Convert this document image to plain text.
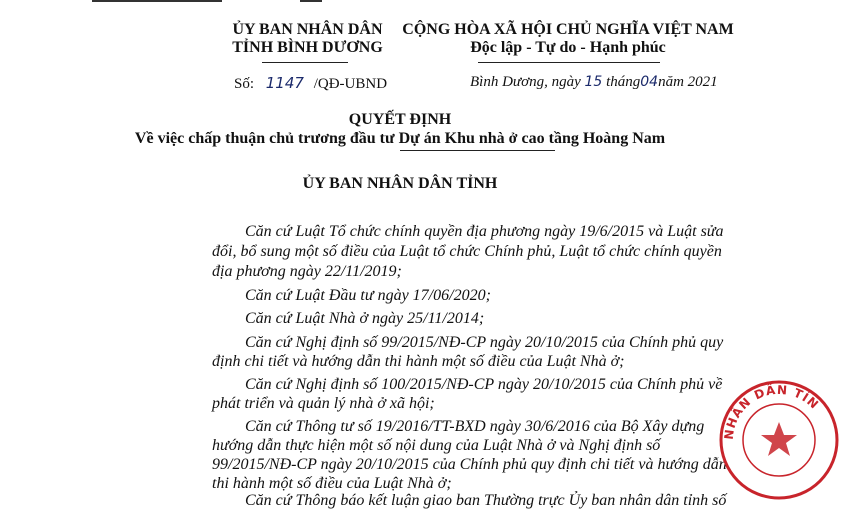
ỦY BAN NHÂN DÂN
TỈNH BÌNH DƯƠNG
CỘNG HÒA XÃ HỘI CHỦ NGHĨA VIỆT NAM
Độc lập - Tự do - Hạnh phúc
Số: 1147 /QĐ-UBND	Bình Dương, ngày 15 tháng04năm 2021
QUYẾT ĐỊNH
Về việc chấp thuận chủ trương đầu tư Dự án Khu nhà ở cao tầng Hoàng Nam
ỦY BAN NHÂN DÂN TỈNH
Căn cứ Luật Tổ chức chính quyền địa phương ngày 19/6/2015 và Luật sửa
đổi, bổ sung một số điều của Luật tổ chức Chính phủ, Luật tổ chức chính quyền
địa phương ngày 22/11/2019;
Căn cứ Luật Đầu tư ngày 17/06/2020;
Căn cứ Luật Nhà ở ngày 25/11/2014;
Căn cứ Nghị định số 99/2015/NĐ-CP ngày 20/10/2015 của Chính phủ quy
định chi tiết và hướng dẫn thi hành một số điều của Luật Nhà ở;
Căn cứ Nghị định số 100/2015/NĐ-CP ngày 20/10/2015 của Chính phủ về
phát triển và quản lý nhà ở xã hội;
Căn cứ Thông tư số 19/2016/TT-BXD ngày 30/6/2016 của Bộ Xây dựng
hướng dẫn thực hiện một số nội dung của Luật Nhà ở và Nghị định số
99/2015/NĐ-CP ngày 20/10/2015 của Chính phủ quy định chi tiết và hướng dẫn
thi hành một số điều của Luật Nhà ở;
Căn cứ Thông báo kết luận giao ban Thường trực Ủy ban nhân dân tỉnh số
NHÂN DÂN TỈN
